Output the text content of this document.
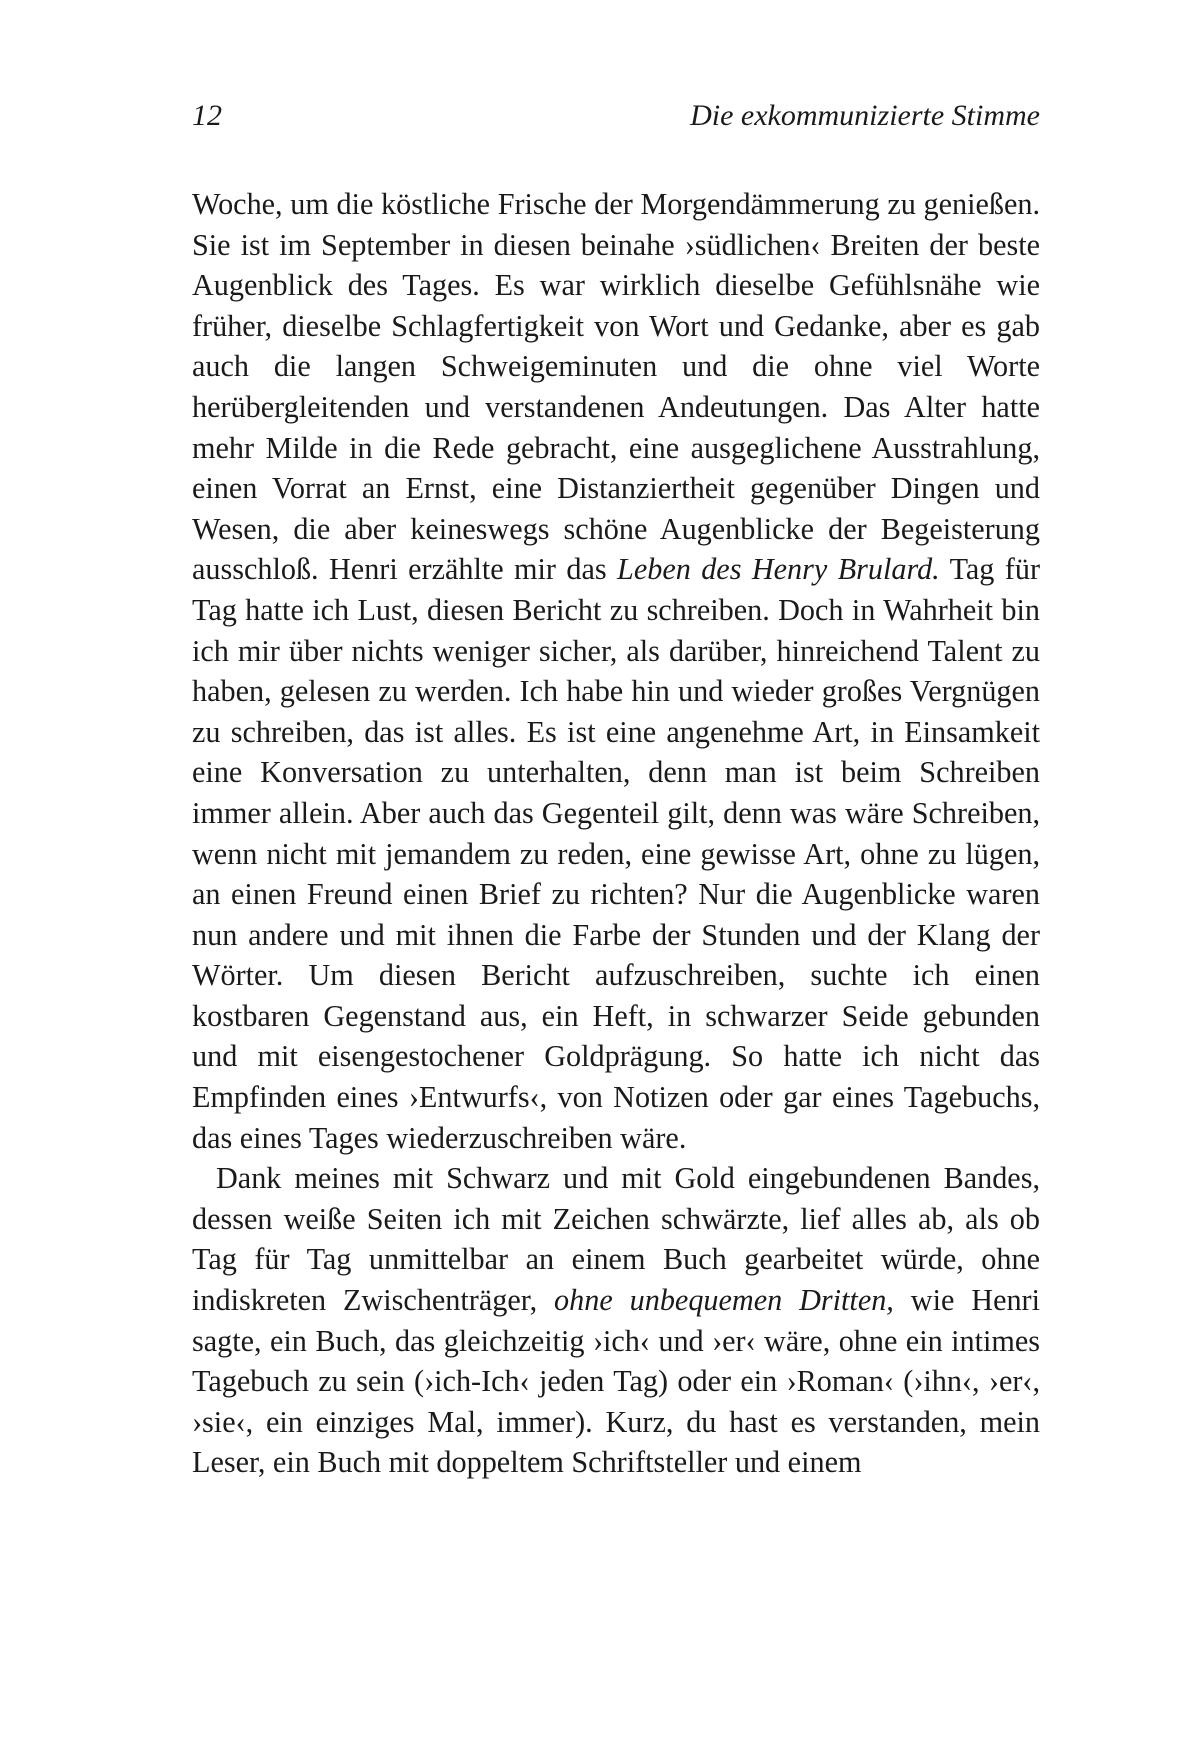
12	Die exkommunizierte Stimme

Woche, um die köstliche Frische der Morgendämmerung zu genießen. Sie ist im September in diesen beinahe ›südlichen‹ Breiten der beste Augenblick des Tages. Es war wirklich dieselbe Gefühlsnähe wie früher, dieselbe Schlagfertigkeit von Wort und Gedanke, aber es gab auch die langen Schweigeminuten und die ohne viel Worte herübergleitenden und verstandenen Andeutungen. Das Alter hatte mehr Milde in die Rede gebracht, eine ausgeglichene Ausstrahlung, einen Vorrat an Ernst, eine Distanziertheit gegenüber Dingen und Wesen, die aber keineswegs schöne Augenblicke der Begeisterung ausschloß. Henri erzählte mir das Leben des Henry Brulard. Tag für Tag hatte ich Lust, diesen Bericht zu schreiben. Doch in Wahrheit bin ich mir über nichts weniger sicher, als darüber, hinreichend Talent zu haben, gelesen zu werden. Ich habe hin und wieder großes Vergnügen zu schreiben, das ist alles. Es ist eine angenehme Art, in Einsamkeit eine Konversation zu unterhalten, denn man ist beim Schreiben immer allein. Aber auch das Gegenteil gilt, denn was wäre Schreiben, wenn nicht mit jemandem zu reden, eine gewisse Art, ohne zu lügen, an einen Freund einen Brief zu richten? Nur die Augenblicke waren nun andere und mit ihnen die Farbe der Stunden und der Klang der Wörter. Um diesen Bericht aufzuschreiben, suchte ich einen kostbaren Gegenstand aus, ein Heft, in schwarzer Seide gebunden und mit eisengestochener Goldprägung. So hatte ich nicht das Empfinden eines ›Entwurfs‹, von Notizen oder gar eines Tagebuchs, das eines Tages wiederzuschreiben wäre.

Dank meines mit Schwarz und mit Gold eingebundenen Bandes, dessen weiße Seiten ich mit Zeichen schwärzte, lief alles ab, als ob Tag für Tag unmittelbar an einem Buch gearbeitet würde, ohne indiskreten Zwischenträger, ohne unbequemen Dritten, wie Henri sagte, ein Buch, das gleichzeitig ›ich‹ und ›er‹ wäre, ohne ein intimes Tagebuch zu sein (›ich-Ich‹ jeden Tag) oder ein ›Roman‹ (›ihn‹, ›er‹, ›sie‹, ein einziges Mal, immer). Kurz, du hast es verstanden, mein Leser, ein Buch mit doppeltem Schriftsteller und einem
